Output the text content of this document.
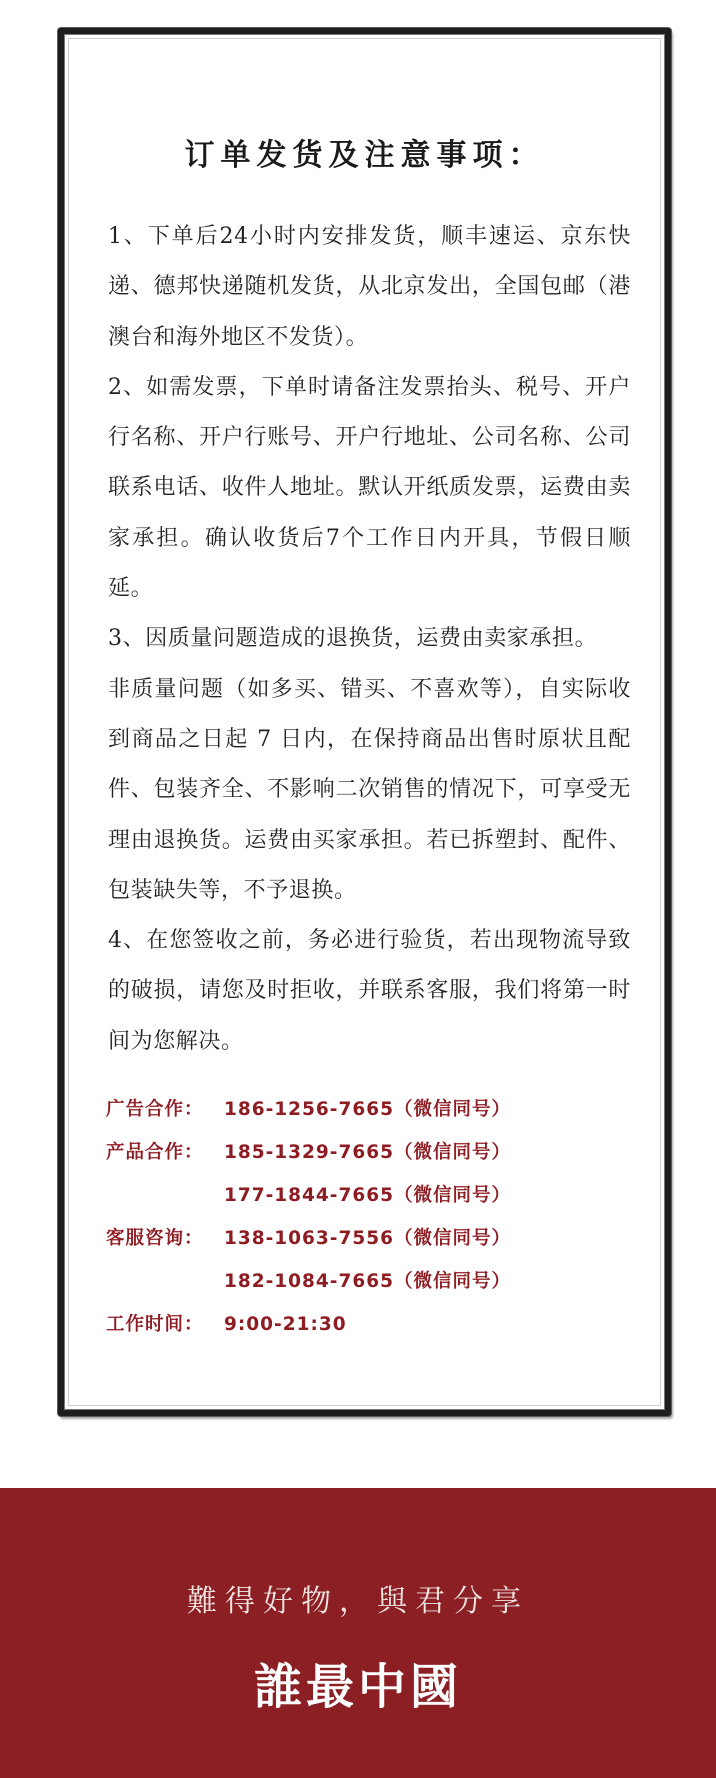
订单发货及注意事项：

1、下单后24小时内安排发货，顺丰速运、京东快递、德邦快递随机发货，从北京发出，全国包邮（港澳台和海外地区不发货）。

2、如需发票，下单时请备注发票抬头、税号、开户行名称、开户行账号、开户行地址、公司名称、公司联系电话、收件人地址。默认开纸质发票，运费由卖家承担。确认收货后7个工作日内开具，节假日顺延。

3、因质量问题造成的退换货，运费由卖家承担。

非质量问题（如多买、错买、不喜欢等），自实际收到商品之日起 7 日内，在保持商品出售时原状且配件、包装齐全、不影响二次销售的情况下，可享受无理由退换货。运费由买家承担。若已拆塑封、配件、包装缺失等，不予退换。

4、在您签收之前，务必进行验货，若出现物流导致的破损，请您及时拒收，并联系客服，我们将第一时间为您解决。

广告合作：	186-1256-7665（微信同号）
产品合作：	185-1329-7665（微信同号）
177-1844-7665（微信同号）
客服咨询：	138-1063-7556（微信同号）
182-1084-7665（微信同号）
工作时间：	9:00-21:30
難得好物，與君分享
誰最中國
